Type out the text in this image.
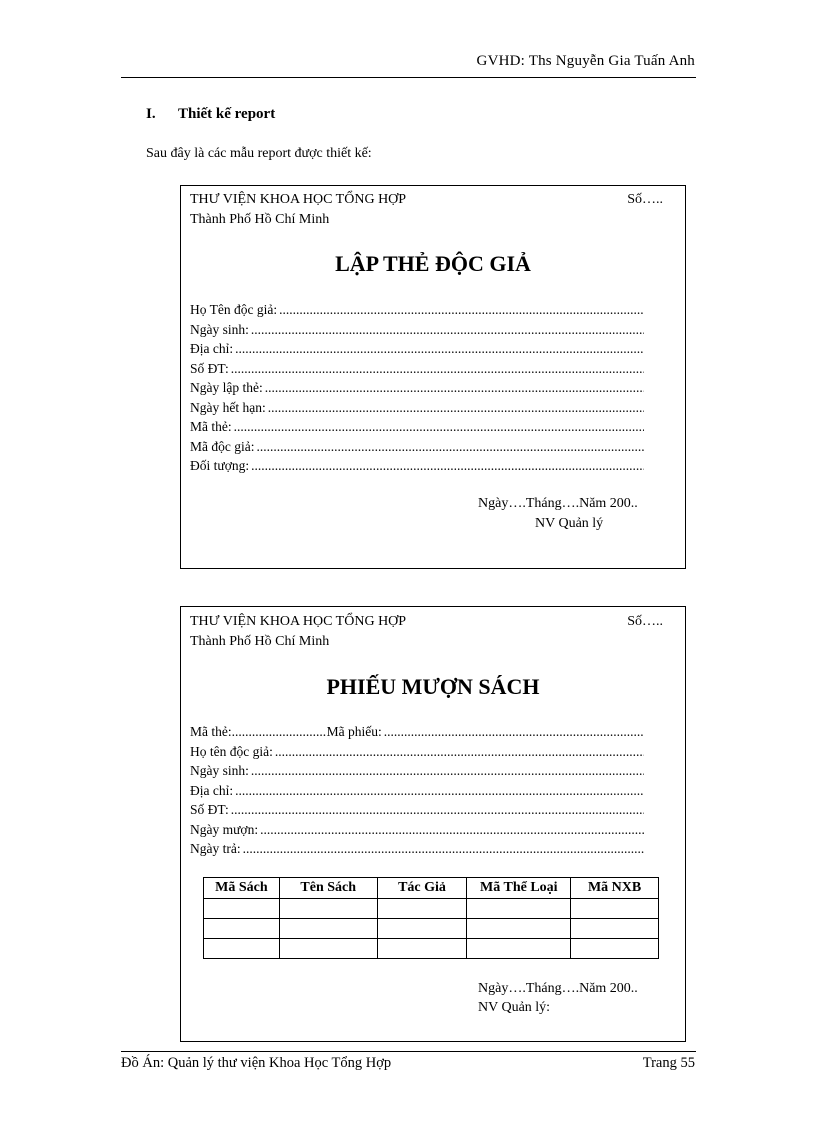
GVHD: Ths Nguyễn Gia Tuấn Anh
I. Thiết kế report
Sau đây là các mẫu report được thiết kế:
THƯ VIỆN KHOA HỌC TỔNG HỢP	Số…..
Thành Phố Hồ Chí Minh
LẬP THẺ ĐỘC GIẢ
Họ Tên độc giả:
.....
Ngày sinh:
.....
Địa chỉ:
.....
Số ĐT:
.....
Ngày lập thẻ:
.....
Ngày hết hạn:
.....
Mã thẻ:
.....
Mã độc giả:
.....
Đối tượng:
.....
Ngày….Tháng….Năm 200..
NV Quản lý
THƯ VIỆN KHOA HỌC TỔNG HỢP	Số…..
Thành Phố Hồ Chí Minh
PHIẾU MƯỢN SÁCH
Mã thẻ: .....	Mã phiếu:
.....
Họ tên độc giả:
.....
Ngày sinh:
.....
Địa chỉ:
.....
Số ĐT:
.....
Ngày mượn:
.....
Ngày trả:
.....
Mã Sách	Tên Sách	Tác Giả	Mã Thể Loại	Mã NXB

Ngày….Tháng….Năm 200..
NV Quản lý:
Đồ Án: Quản lý thư viện Khoa Học Tổng Hợp	Trang 55
